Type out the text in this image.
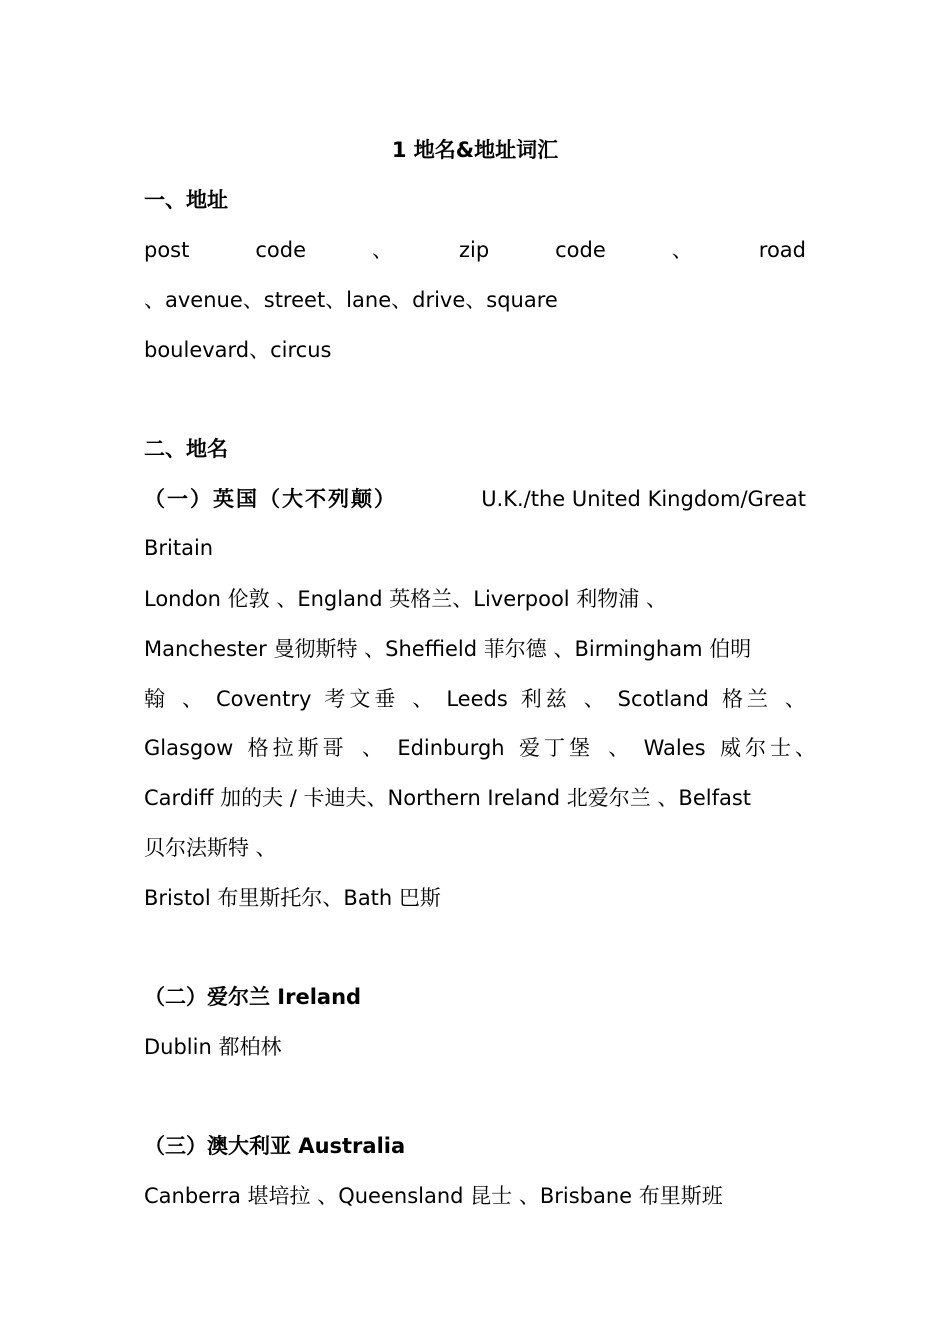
1 地名&地址词汇
一、地址
post	code	、	zip	code	、	road
、avenue、street、lane、drive、square
boulevard、circus
二、地名
（一）英国（大不列颠）	U.K./the United Kingdom/Great
Britain
London 伦敦 、England 英格兰、Liverpool 利物浦 、
Manchester 曼彻斯特 、Sheffield 菲尔德 、Birmingham 伯明
翰 、 Coventry 考文垂 、 Leeds 利兹 、 Scotland 格兰 、
Glasgow 格拉斯哥 、 Edinburgh 爱丁堡 、 Wales 威尔士、
Cardiff 加的夫 / 卡迪夫、Northern Ireland 北爱尔兰 、Belfast
贝尔法斯特 、
Bristol 布里斯托尔、Bath 巴斯
（二）爱尔兰 Ireland
Dublin 都柏林
（三）澳大利亚 Australia
Canberra 堪培拉 、Queensland 昆士 、Brisbane 布里斯班
